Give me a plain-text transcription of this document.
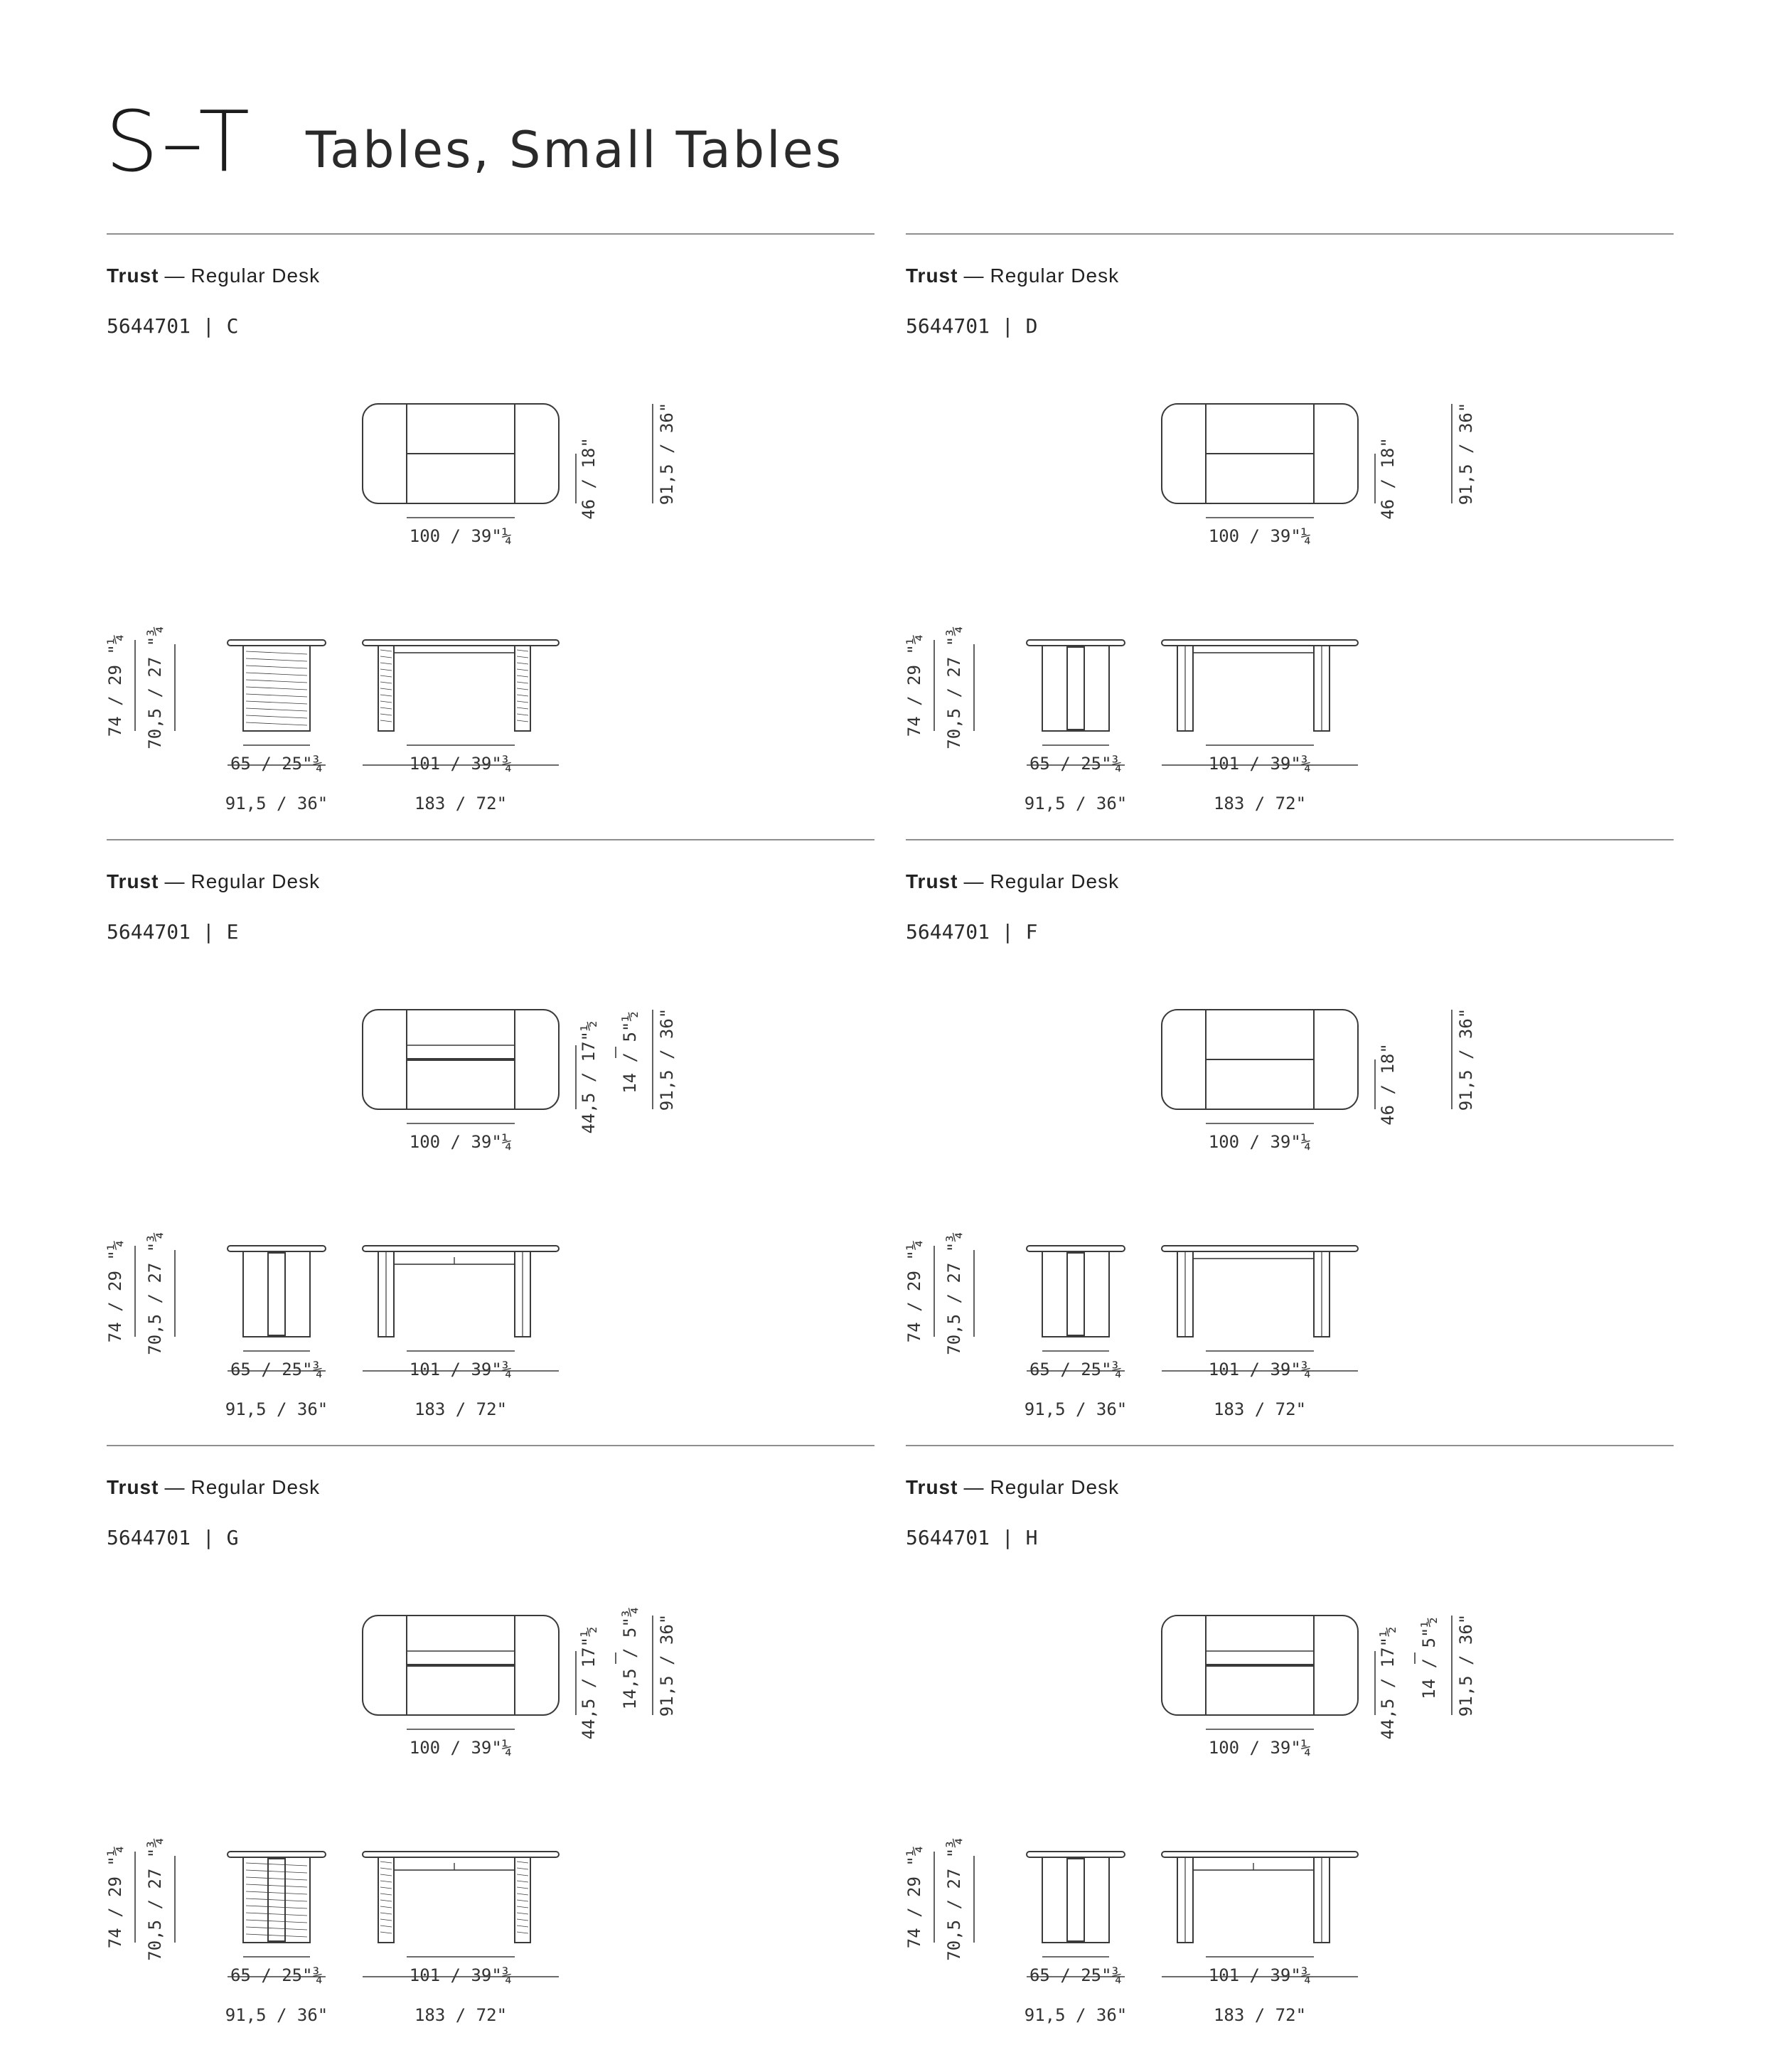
S–T Tables, Small Tables
Trust — Regular Desk
5644701 | C
46 / 18"	91,5 / 36"
100 / 39"¼
74 / 29 "¼ 70,5 / 27 "¾
65 / 25"¾
91,5 / 36"
101 / 39"¾
183 / 72"
Trust — Regular Desk
5644701 | D
46 / 18"	91,5 / 36"
100 / 39"¼
74 / 29 "¼ 70,5 / 27 "¾
65 / 25"¾
91,5 / 36"
101 / 39"¾
183 / 72"
Trust — Regular Desk
5644701 | E
44,5 / 17"½ 14 / 5"½ 91,5 / 36"
100 / 39"¼
74 / 29 "¼ 70,5 / 27 "¾
65 / 25"¾
91,5 / 36"
101 / 39"¾
183 / 72"
Trust — Regular Desk
5644701 | F
46 / 18"	91,5 / 36"
100 / 39"¼
74 / 29 "¼ 70,5 / 27 "¾
65 / 25"¾
91,5 / 36"
101 / 39"¾
183 / 72"
Trust — Regular Desk
5644701 | G
44,5 / 17"½ 14,5 / 5"¾ 91,5 / 36"
100 / 39"¼
74 / 29 "¼ 70,5 / 27 "¾
65 / 25"¾
91,5 / 36"
101 / 39"¾
183 / 72"
Trust — Regular Desk
5644701 | H
44,5 / 17"½ 14 / 5"½ 91,5 / 36"
100 / 39"¼
74 / 29 "¼ 70,5 / 27 "¾
65 / 25"¾
91,5 / 36"
101 / 39"¾
183 / 72"
